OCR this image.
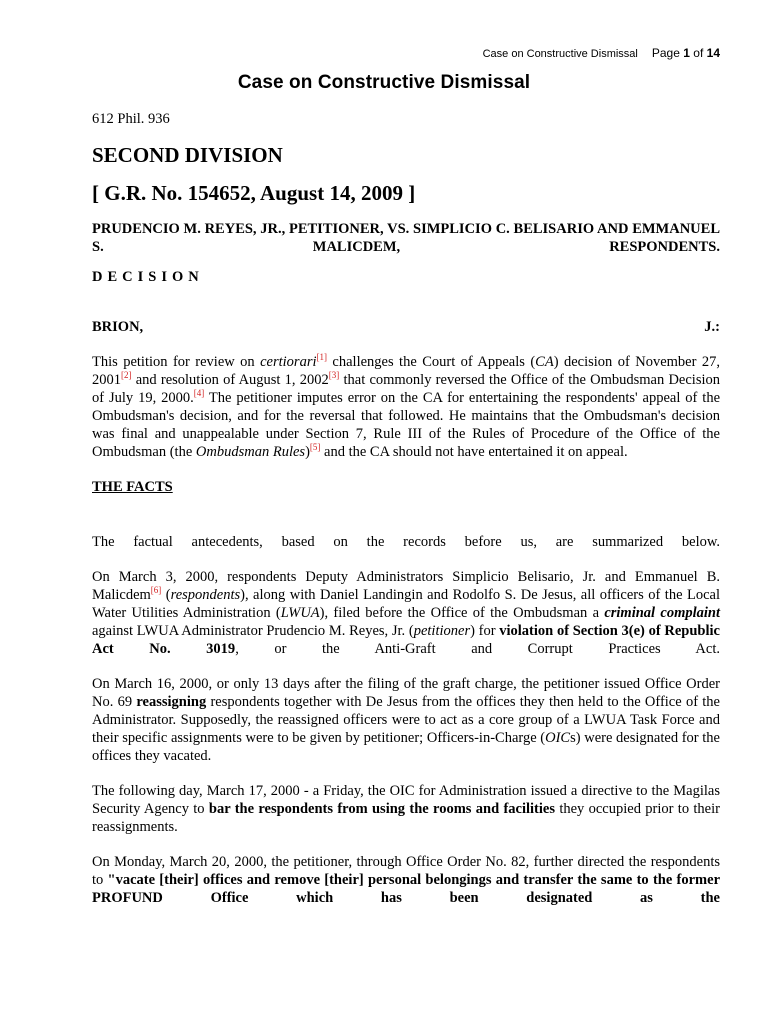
Case on Constructive Dismissal Page 1 of 14
Case on Constructive Dismissal
612 Phil. 936
SECOND DIVISION
[ G.R. No. 154652, August 14, 2009 ]
PRUDENCIO M. REYES, JR., PETITIONER, VS. SIMPLICIO C. BELISARIO AND EMMANUEL S. MALICDEM, RESPONDENTS.
DECISION
BRION,	J.:

This petition for review on certiorari[1] challenges the Court of Appeals (CA) decision of November 27, 2001[2] and resolution of August 1, 2002[3] that commonly reversed the Office of the Ombudsman Decision of July 19, 2000.[4] The petitioner imputes error on the CA for entertaining the respondents' appeal of the Ombudsman's decision, and for the reversal that followed. He maintains that the Ombudsman's decision was final and unappealable under Section 7, Rule III of the Rules of Procedure of the Office of the Ombudsman (the Ombudsman Rules)[5] and the CA should not have entertained it on appeal.

THE FACTS

The factual antecedents, based on the records before us, are summarized below.

On March 3, 2000, respondents Deputy Administrators Simplicio Belisario, Jr. and Emmanuel B. Malicdem[6] (respondents), along with Daniel Landingin and Rodolfo S. De Jesus, all officers of the Local Water Utilities Administration (LWUA), filed before the Office of the Ombudsman a criminal complaint against LWUA Administrator Prudencio M. Reyes, Jr. (petitioner) for violation of Section 3(e) of Republic Act No. 3019, or the Anti-Graft and Corrupt Practices Act.

On March 16, 2000, or only 13 days after the filing of the graft charge, the petitioner issued Office Order No. 69 reassigning respondents together with De Jesus from the offices they then held to the Office of the Administrator. Supposedly, the reassigned officers were to act as a core group of a LWUA Task Force and their specific assignments were to be given by petitioner; Officers-in-Charge (OICs) were designated for the offices they vacated.

The following day, March 17, 2000 - a Friday, the OIC for Administration issued a directive to the Magilas Security Agency to bar the respondents from using the rooms and facilities they occupied prior to their reassignments.

On Monday, March 20, 2000, the petitioner, through Office Order No. 82, further directed the respondents to "vacate [their] offices and remove [their] personal belongings and transfer the same to the former PROFUND Office which has been designated as the
